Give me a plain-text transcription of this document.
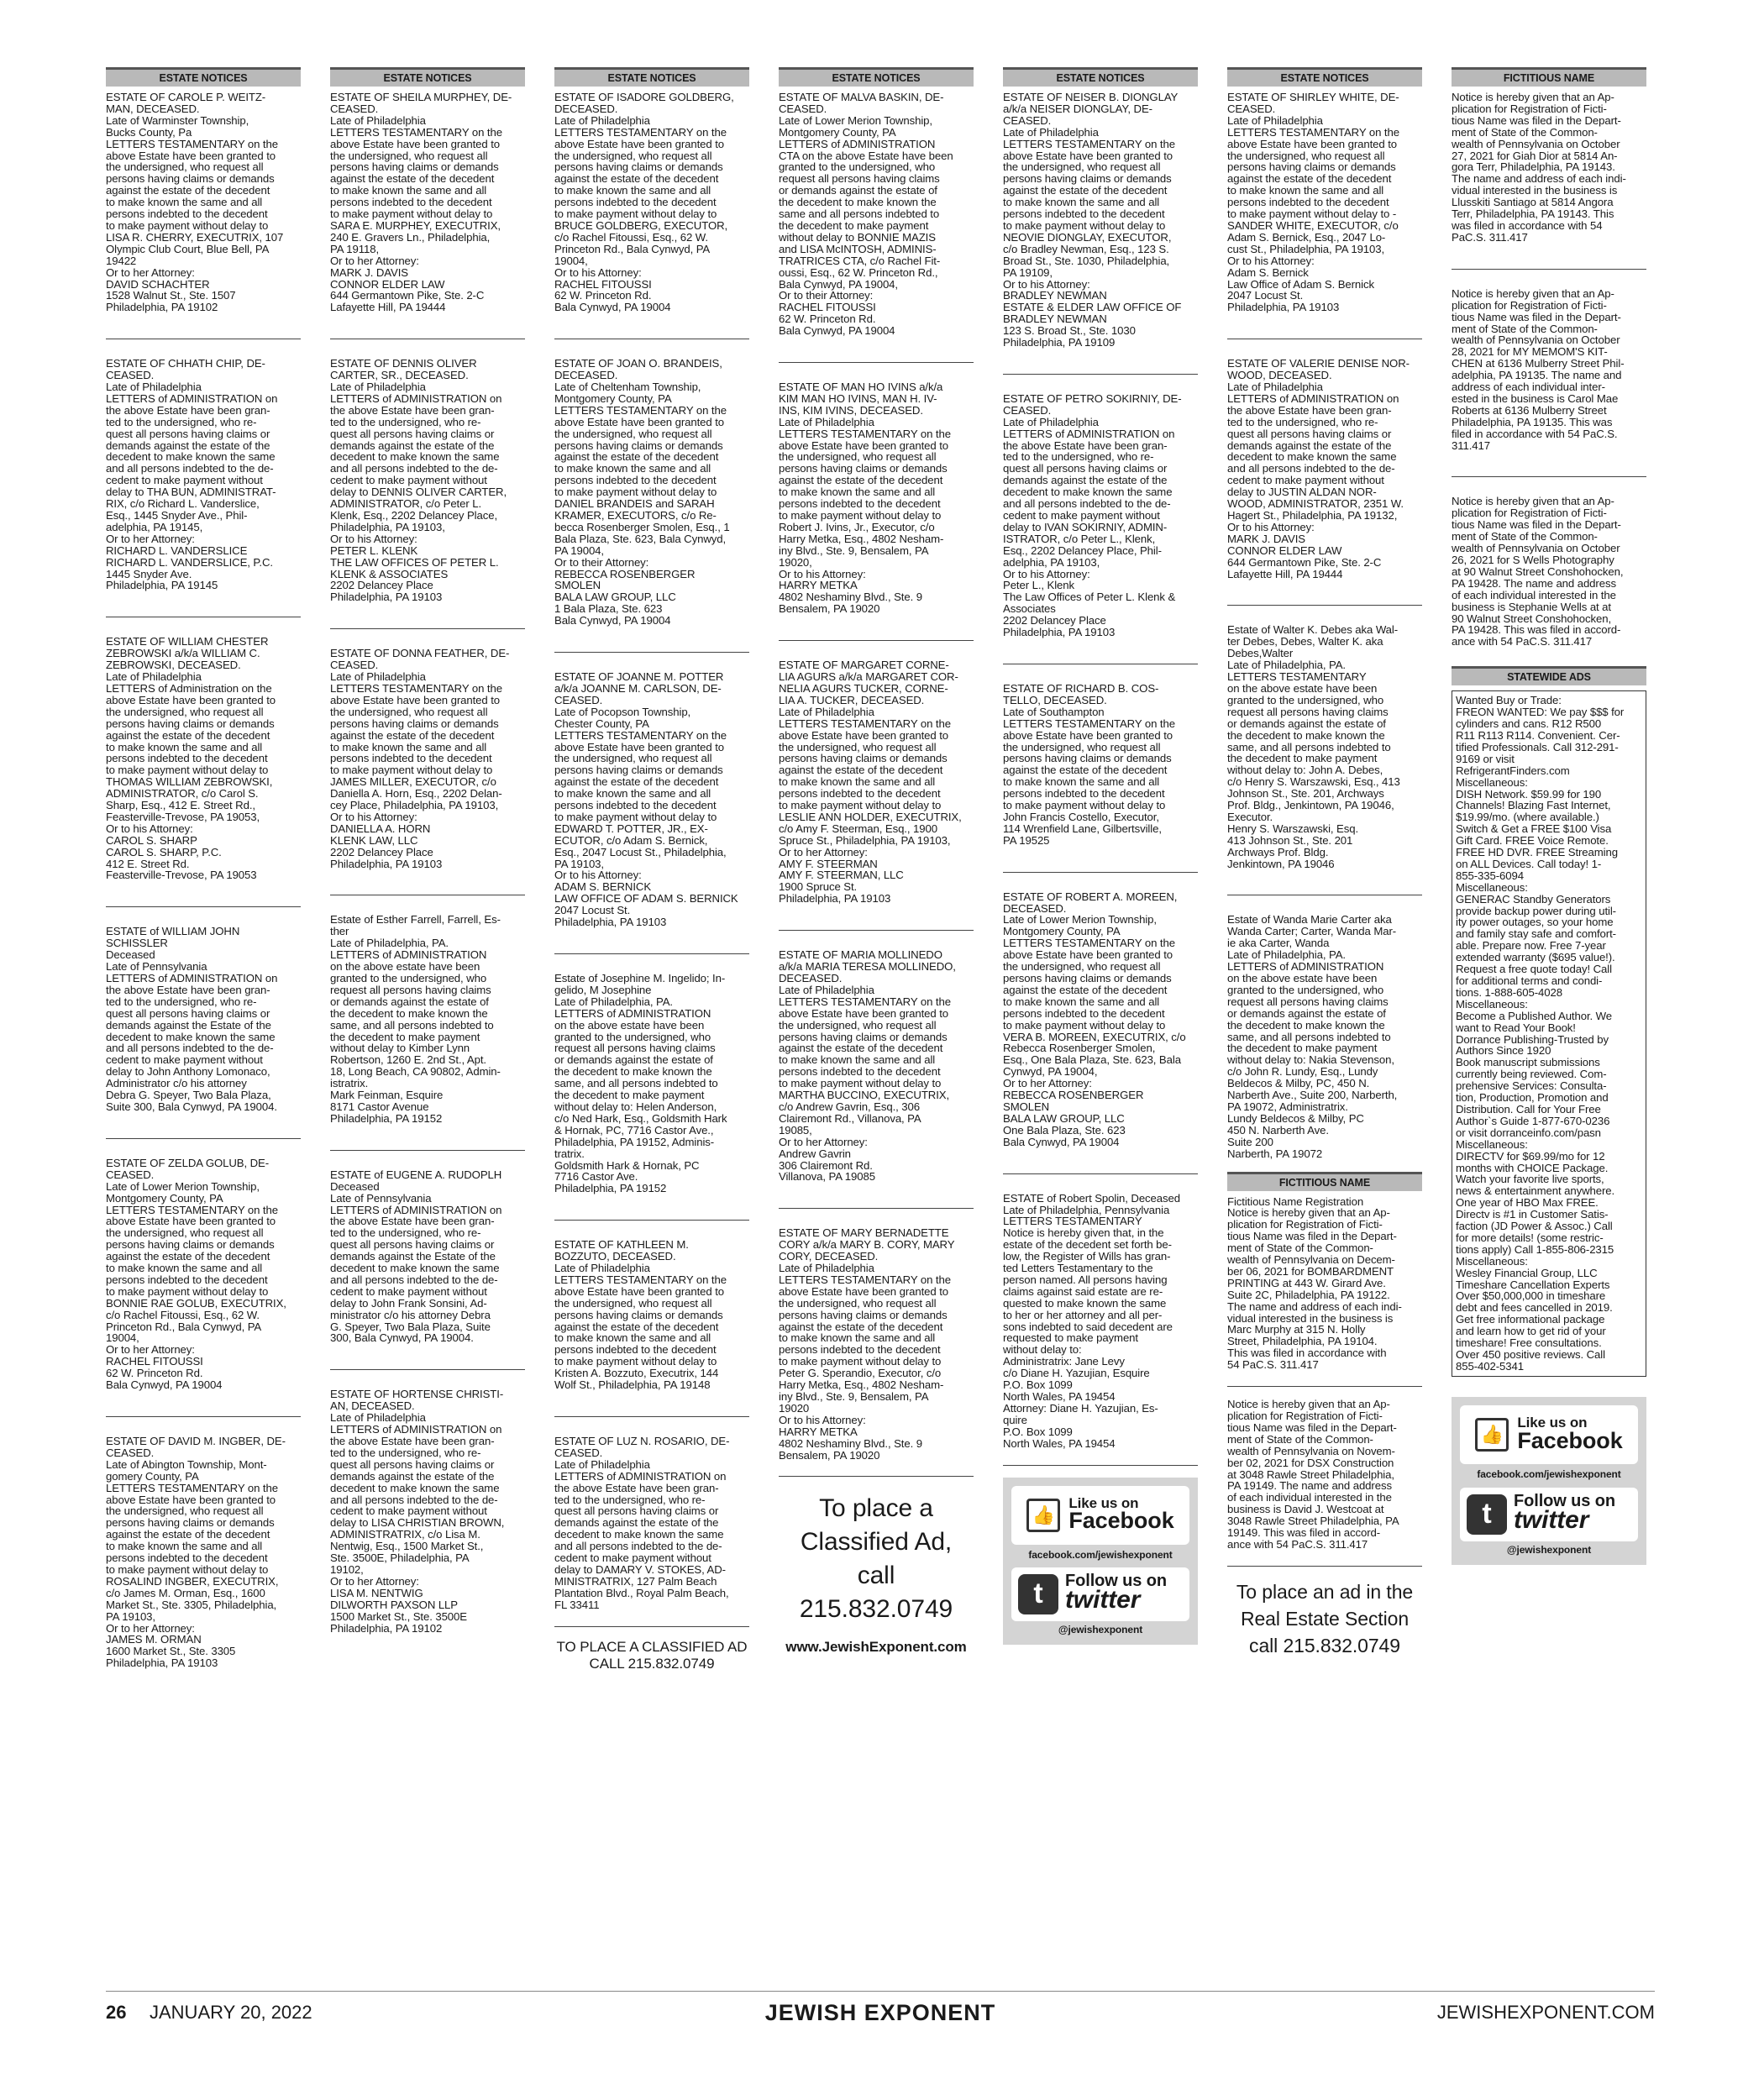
ESTATE NOTICES

ESTATE OF CAROLE P. WEITZ-
MAN, DECEASED.
Late of Warminster Township,
Bucks County, Pa
LETTERS TESTAMENTARY on the
above Estate have been granted to
the undersigned, who request all
persons having claims or demands
against the estate of the decedent
to make known the same and all
persons indebted to the decedent
to make payment without delay to
LISA R. CHERRY, EXECUTRIX, 107
Olympic Club Court, Blue Bell, PA
19422
Or to her Attorney:
DAVID SCHACHTER
1528 Walnut St., Ste. 1507
Philadelphia, PA 19102

ESTATE OF CHHATH CHIP, DE-
CEASED.
Late of Philadelphia
LETTERS of ADMINISTRATION on
the above Estate have been gran-
ted to the undersigned, who re-
quest all persons having claims or
demands against the estate of the
decedent to make known the same
and all persons indebted to the de-
cedent to make payment without
delay to THA BUN, ADMINISTRAT-
RIX, c/o Richard L. Vanderslice,
Esq., 1445 Snyder Ave., Phil-
adelphia, PA 19145,
Or to her Attorney:
RICHARD L. VANDERSLICE
RICHARD L. VANDERSLICE, P.C.
1445 Snyder Ave.
Philadelphia, PA 19145

ESTATE OF WILLIAM CHESTER
ZEBROWSKI a/k/a WILLIAM C.
ZEBROWSKI, DECEASED.
Late of Philadelphia
LETTERS of Administration on the
above Estate have been granted to
the undersigned, who request all
persons having claims or demands
against the estate of the decedent
to make known the same and all
persons indebted to the decedent
to make payment without delay to
THOMAS WILLIAM ZEBROWSKI,
ADMINISTRATOR, c/o Carol S.
Sharp, Esq., 412 E. Street Rd.,
Feasterville-Trevose, PA 19053,
Or to his Attorney:
CAROL S. SHARP
CAROL S. SHARP, P.C.
412 E. Street Rd.
Feasterville-Trevose, PA 19053

ESTATE of WILLIAM JOHN
SCHISSLER
Deceased
Late of Pennsylvania
LETTERS of ADMINISTRATION on
the above Estate have been gran-
ted to the undersigned, who re-
quest all persons having claims or
demands against the Estate of the
decedent to make known the same
and all persons indebted to the de-
cedent to make payment without
delay to John Anthony Lomonaco,
Administrator c/o his attorney
Debra G. Speyer, Two Bala Plaza,
Suite 300, Bala Cynwyd, PA 19004.

ESTATE OF ZELDA GOLUB, DE-
CEASED.
Late of Lower Merion Township,
Montgomery County, PA
LETTERS TESTAMENTARY on the
above Estate have been granted to
the undersigned, who request all
persons having claims or demands
against the estate of the decedent
to make known the same and all
persons indebted to the decedent
to make payment without delay to
BONNIE RAE GOLUB, EXECUTRIX,
c/o Rachel Fitoussi, Esq., 62 W.
Princeton Rd., Bala Cynwyd, PA
19004,
Or to her Attorney:
RACHEL FITOUSSI
62 W. Princeton Rd.
Bala Cynwyd, PA 19004

ESTATE OF DAVID M. INGBER, DE-
CEASED.
Late of Abington Township, Mont-
gomery County, PA
LETTERS TESTAMENTARY on the
above Estate have been granted to
the undersigned, who request all
persons having claims or demands
against the estate of the decedent
to make known the same and all
persons indebted to the decedent
to make payment without delay to
ROSALIND INGBER, EXECUTRIX,
c/o James M. Orman, Esq., 1600
Market St., Ste. 3305, Philadelphia,
PA 19103,
Or to her Attorney:
JAMES M. ORMAN
1600 Market St., Ste. 3305
Philadelphia, PA 19103

ESTATE NOTICES

ESTATE OF SHEILA MURPHEY, DE-
CEASED.
Late of Philadelphia
LETTERS TESTAMENTARY on the
above Estate have been granted to
the undersigned, who request all
persons having claims or demands
against the estate of the decedent
to make known the same and all
persons indebted to the decedent
to make payment without delay to
SARA E. MURPHEY, EXECUTRIX,
240 E. Gravers Ln., Philadelphia,
PA 19118,
Or to her Attorney:
MARK J. DAVIS
CONNOR ELDER LAW
644 Germantown Pike, Ste. 2-C
Lafayette Hill, PA 19444

ESTATE OF DENNIS OLIVER
CARTER, SR., DECEASED.
Late of Philadelphia
LETTERS of ADMINISTRATION on
the above Estate have been gran-
ted to the undersigned, who re-
quest all persons having claims or
demands against the estate of the
decedent to make known the same
and all persons indebted to the de-
cedent to make payment without
delay to DENNIS OLIVER CARTER,
ADMINISTRATOR, c/o Peter L.
Klenk, Esq., 2202 Delancey Place,
Philadelphia, PA 19103,
Or to his Attorney:
PETER L. KLENK
THE LAW OFFICES OF PETER L.
KLENK & ASSOCIATES
2202 Delancey Place
Philadelphia, PA 19103

ESTATE OF DONNA FEATHER, DE-
CEASED.
Late of Philadelphia
LETTERS TESTAMENTARY on the
above Estate have been granted to
the undersigned, who request all
persons having claims or demands
against the estate of the decedent
to make known the same and all
persons indebted to the decedent
to make payment without delay to
JAMES MILLER, EXECUTOR, c/o
Daniella A. Horn, Esq., 2202 Delan-
cey Place, Philadelphia, PA 19103,
Or to his Attorney:
DANIELLA A. HORN
KLENK LAW, LLC
2202 Delancey Place
Philadelphia, PA 19103

Estate of Esther Farrell, Farrell, Es-
ther
Late of Philadelphia, PA.
LETTERS of ADMINISTRATION
on the above estate have been
granted to the undersigned, who
request all persons having claims
or demands against the estate of
the decedent to make known the
same, and all persons indebted to
the decedent to make payment
without delay to Kimber Lynn
Robertson, 1260 E. 2nd St., Apt.
18, Long Beach, CA 90802, Admin-
istratrix.
Mark Feinman, Esquire
8171 Castor Avenue
Philadelphia, PA 19152

ESTATE of EUGENE A. RUDOPLH
Deceased
Late of Pennsylvania
LETTERS of ADMINISTRATION on
the above Estate have been gran-
ted to the undersigned, who re-
quest all persons having claims or
demands against the Estate of the
decedent to make known the same
and all persons indebted to the de-
cedent to make payment without
delay to John Frank Sonsini, Ad-
ministrator c/o his attorney Debra
G. Speyer, Two Bala Plaza, Suite
300, Bala Cynwyd, PA 19004.

ESTATE OF HORTENSE CHRISTI-
AN, DECEASED.
Late of Philadelphia
LETTERS of ADMINISTRATION on
the above Estate have been gran-
ted to the undersigned, who re-
quest all persons having claims or
demands against the estate of the
decedent to make known the same
and all persons indebted to the de-
cedent to make payment without
delay to LISA CHRISTIAN BROWN,
ADMINISTRATRIX, c/o Lisa M.
Nentwig, Esq., 1500 Market St.,
Ste. 3500E, Philadelphia, PA
19102,
Or to her Attorney:
LISA M. NENTWIG
DILWORTH PAXSON LLP
1500 Market St., Ste. 3500E
Philadelphia, PA 19102

ESTATE NOTICES

ESTATE OF ISADORE GOLDBERG,
DECEASED.
Late of Philadelphia
LETTERS TESTAMENTARY on the
above Estate have been granted to
the undersigned, who request all
persons having claims or demands
against the estate of the decedent
to make known the same and all
persons indebted to the decedent
to make payment without delay to
BRUCE GOLDBERG, EXECUTOR,
c/o Rachel Fitoussi, Esq., 62 W.
Princeton Rd., Bala Cynwyd, PA
19004,
Or to his Attorney:
RACHEL FITOUSSI
62 W. Princeton Rd.
Bala Cynwyd, PA 19004

ESTATE OF JOAN O. BRANDEIS,
DECEASED.
Late of Cheltenham Township,
Montgomery County, PA
LETTERS TESTAMENTARY on the
above Estate have been granted to
the undersigned, who request all
persons having claims or demands
against the estate of the decedent
to make known the same and all
persons indebted to the decedent
to make payment without delay to
DANIEL BRANDEIS and SARAH
KRAMER, EXECUTORS, c/o Re-
becca Rosenberger Smolen, Esq., 1
Bala Plaza, Ste. 623, Bala Cynwyd,
PA 19004,
Or to their Attorney:
REBECCA ROSENBERGER
SMOLEN
BALA LAW GROUP, LLC
1 Bala Plaza, Ste. 623
Bala Cynwyd, PA 19004

ESTATE OF JOANNE M. POTTER
a/k/a JOANNE M. CARLSON, DE-
CEASED.
Late of Pocopson Township,
Chester County, PA
LETTERS TESTAMENTARY on the
above Estate have been granted to
the undersigned, who request all
persons having claims or demands
against the estate of the decedent
to make known the same and all
persons indebted to the decedent
to make payment without delay to
EDWARD T. POTTER, JR., EX-
ECUTOR, c/o Adam S. Bernick,
Esq., 2047 Locust St., Philadelphia,
PA 19103,
Or to his Attorney:
ADAM S. BERNICK
LAW OFFICE OF ADAM S. BERNICK
2047 Locust St.
Philadelphia, PA 19103

Estate of Josephine M. Ingelido; In-
gelido, M Josephine
Late of Philadelphia, PA.
LETTERS of ADMINISTRATION
on the above estate have been
granted to the undersigned, who
request all persons having claims
or demands against the estate of
the decedent to make known the
same, and all persons indebted to
the decedent to make payment
without delay to: Helen Anderson,
c/o Ned Hark, Esq., Goldsmith Hark
& Hornak, PC, 7716 Castor Ave.,
Philadelphia, PA 19152, Adminis-
tratrix.
Goldsmith Hark & Hornak, PC
7716 Castor Ave.
Philadelphia, PA 19152

ESTATE OF KATHLEEN M.
BOZZUTO, DECEASED.
Late of Philadelphia
LETTERS TESTAMENTARY on the
above Estate have been granted to
the undersigned, who request all
persons having claims or demands
against the estate of the decedent
to make known the same and all
persons indebted to the decedent
to make payment without delay to
Kristen A. Bozzuto, Executrix, 144
Wolf St., Philadelphia, PA 19148

ESTATE OF LUZ N. ROSARIO, DE-
CEASED.
Late of Philadelphia
LETTERS of ADMINISTRATION on
the above Estate have been gran-
ted to the undersigned, who re-
quest all persons having claims or
demands against the estate of the
decedent to make known the same
and all persons indebted to the de-
cedent to make payment without
delay to DAMARY V. STOKES, AD-
MINISTRATRIX, 127 Palm Beach
Plantation Blvd., Royal Palm Beach,
FL 33411

TO PLACE A CLASSIFIED AD
CALL 215.832.0749

ESTATE NOTICES

ESTATE OF MALVA BASKIN, DE-
CEASED.
Late of Lower Merion Township,
Montgomery County, PA
LETTERS of ADMINISTRATION
CTA on the above Estate have been
granted to the undersigned, who
request all persons having claims
or demands against the estate of
the decedent to make known the
same and all persons indebted to
the decedent to make payment
without delay to BONNIE MAZIS
and LISA McINTOSH, ADMINIS-
TRATRICES CTA, c/o Rachel Fit-
oussi, Esq., 62 W. Princeton Rd.,
Bala Cynwyd, PA 19004,
Or to their Attorney:
RACHEL FITOUSSI
62 W. Princeton Rd.
Bala Cynwyd, PA 19004

ESTATE OF MAN HO IVINS a/k/a
KIM MAN HO IVINS, MAN H. IV-
INS, KIM IVINS, DECEASED.
Late of Philadelphia
LETTERS TESTAMENTARY on the
above Estate have been granted to
the undersigned, who request all
persons having claims or demands
against the estate of the decedent
to make known the same and all
persons indebted to the decedent
to make payment without delay to
Robert J. Ivins, Jr., Executor, c/o
Harry Metka, Esq., 4802 Nesham-
iny Blvd., Ste. 9, Bensalem, PA
19020,
Or to his Attorney:
HARRY METKA
4802 Neshaminy Blvd., Ste. 9
Bensalem, PA 19020

ESTATE OF MARGARET CORNE-
LIA AGURS a/k/a MARGARET COR-
NELIA AGURS TUCKER, CORNE-
LIA A. TUCKER, DECEASED.
Late of Philadelphia
LETTERS TESTAMENTARY on the
above Estate have been granted to
the undersigned, who request all
persons having claims or demands
against the estate of the decedent
to make known the same and all
persons indebted to the decedent
to make payment without delay to
LESLIE ANN HOLDER, EXECUTRIX,
c/o Amy F. Steerman, Esq., 1900
Spruce St., Philadelphia, PA 19103,
Or to her Attorney:
AMY F. STEERMAN
AMY F. STEERMAN, LLC
1900 Spruce St.
Philadelphia, PA 19103

ESTATE OF MARIA MOLLINEDO
a/k/a MARIA TERESA MOLLINEDO,
DECEASED.
Late of Philadelphia
LETTERS TESTAMENTARY on the
above Estate have been granted to
the undersigned, who request all
persons having claims or demands
against the estate of the decedent
to make known the same and all
persons indebted to the decedent
to make payment without delay to
MARTHA BUCCINO, EXECUTRIX,
c/o Andrew Gavrin, Esq., 306
Clairemont Rd., Villanova, PA
19085,
Or to her Attorney:
Andrew Gavrin
306 Clairemont Rd.
Villanova, PA 19085

ESTATE OF MARY BERNADETTE
CORY a/k/a MARY B. CORY, MARY
CORY, DECEASED.
Late of Philadelphia
LETTERS TESTAMENTARY on the
above Estate have been granted to
the undersigned, who request all
persons having claims or demands
against the estate of the decedent
to make known the same and all
persons indebted to the decedent
to make payment without delay to
Peter G. Sperandio, Executor, c/o
Harry Metka, Esq., 4802 Nesham-
iny Blvd., Ste. 9, Bensalem, PA
19020
Or to his Attorney:
HARRY METKA
4802 Neshaminy Blvd., Ste. 9
Bensalem, PA 19020

To place a
Classified Ad,
call 215.832.0749
www.JewishExponent.com
ESTATE NOTICES

ESTATE OF NEISER B. DIONGLAY
a/k/a NEISER DIONGLAY, DE-
CEASED.
Late of Philadelphia
LETTERS TESTAMENTARY on the
above Estate have been granted to
the undersigned, who request all
persons having claims or demands
against the estate of the decedent
to make known the same and all
persons indebted to the decedent
to make payment without delay to
NEOVIE DIONGLAY, EXECUTOR,
c/o Bradley Newman, Esq., 123 S.
Broad St., Ste. 1030, Philadelphia,
PA 19109,
Or to his Attorney:
BRADLEY NEWMAN
ESTATE & ELDER LAW OFFICE OF
BRADLEY NEWMAN
123 S. Broad St., Ste. 1030
Philadelphia, PA 19109

ESTATE OF PETRO SOKIRNIY, DE-
CEASED.
Late of Philadelphia
LETTERS of ADMINISTRATION on
the above Estate have been gran-
ted to the undersigned, who re-
quest all persons having claims or
demands against the estate of the
decedent to make known the same
and all persons indebted to the de-
cedent to make payment without
delay to IVAN SOKIRNIY, ADMIN-
ISTRATOR, c/o Peter L., Klenk,
Esq., 2202 Delancey Place, Phil-
adelphia, PA 19103,
Or to his Attorney:
Peter L., Klenk
The Law Offices of Peter L. Klenk &
Associates
2202 Delancey Place
Philadelphia, PA 19103

ESTATE OF RICHARD B. COS-
TELLO, DECEASED.
Late of Southampton
LETTERS TESTAMENTARY on the
above Estate have been granted to
the undersigned, who request all
persons having claims or demands
against the estate of the decedent
to make known the same and all
persons indebted to the decedent
to make payment without delay to
John Francis Costello, Executor,
114 Wrenfield Lane, Gilbertsville,
PA 19525

ESTATE OF ROBERT A. MOREEN,
DECEASED.
Late of Lower Merion Township,
Montgomery County, PA
LETTERS TESTAMENTARY on the
above Estate have been granted to
the undersigned, who request all
persons having claims or demands
against the estate of the decedent
to make known the same and all
persons indebted to the decedent
to make payment without delay to
VERA B. MOREEN, EXECUTRIX, c/o
Rebecca Rosenberger Smolen,
Esq., One Bala Plaza, Ste. 623, Bala
Cynwyd, PA 19004,
Or to her Attorney:
REBECCA ROSENBERGER
SMOLEN
BALA LAW GROUP, LLC
One Bala Plaza, Ste. 623
Bala Cynwyd, PA 19004

ESTATE of Robert Spolin, Deceased
Late of Philadelphia, Pennsylvania
LETTERS TESTAMENTARY
Notice is hereby given that, in the
estate of the decedent set forth be-
low, the Register of Wills has gran-
ted Letters Testamentary to the
person named. All persons having
claims against said estate are re-
quested to make known the same
to her or her attorney and all per-
sons indebted to said decedent are
requested to make payment
without delay to:
Administratrix: Jane Levy
c/o Diane H. Yazujian, Esquire
P.O. Box 1099
North Wales, PA 19454
Attorney: Diane H. Yazujian, Es-
quire
P.O. Box 1099
North Wales, PA 19454

👍
Like us on
Facebook
facebook.com/jewishexponent
t	Follow us on
twitter
@jewishexponent
ESTATE NOTICES

ESTATE OF SHIRLEY WHITE, DE-
CEASED.
Late of Philadelphia
LETTERS TESTAMENTARY on the
above Estate have been granted to
the undersigned, who request all
persons having claims or demands
against the estate of the decedent
to make known the same and all
persons indebted to the decedent
to make payment without delay to -
SANDER WHITE, EXECUTOR, c/o
Adam S. Bernick, Esq., 2047 Lo-
cust St., Philadelphia, PA 19103,
Or to his Attorney:
Adam S. Bernick
Law Office of Adam S. Bernick
2047 Locust St.
Philadelphia, PA 19103

ESTATE OF VALERIE DENISE NOR-
WOOD, DECEASED.
Late of Philadelphia
LETTERS of ADMINISTRATION on
the above Estate have been gran-
ted to the undersigned, who re-
quest all persons having claims or
demands against the estate of the
decedent to make known the same
and all persons indebted to the de-
cedent to make payment without
delay to JUSTIN ALDAN NOR-
WOOD, ADMINISTRATOR, 2351 W.
Hagert St., Philadelphia, PA 19132,
Or to his Attorney:
MARK J. DAVIS
CONNOR ELDER LAW
644 Germantown Pike, Ste. 2-C
Lafayette Hill, PA 19444

Estate of Walter K. Debes aka Wal-
ter Debes, Debes, Walter K. aka
Debes,Walter
Late of Philadelphia, PA.
LETTERS TESTAMENTARY
on the above estate have been
granted to the undersigned, who
request all persons having claims
or demands against the estate of
the decedent to make known the
same, and all persons indebted to
the decedent to make payment
without delay to: John A. Debes,
c/o Henry S. Warszawski, Esq., 413
Johnson St., Ste. 201, Archways
Prof. Bldg., Jenkintown, PA 19046,
Executor.
Henry S. Warszawski, Esq.
413 Johnson St., Ste. 201
Archways Prof. Bldg.
Jenkintown, PA 19046

Estate of Wanda Marie Carter aka
Wanda Carter; Carter, Wanda Mar-
ie aka Carter, Wanda
Late of Philadelphia, PA.
LETTERS of ADMINISTRATION
on the above estate have been
granted to the undersigned, who
request all persons having claims
or demands against the estate of
the decedent to make known the
same, and all persons indebted to
the decedent to make payment
without delay to: Nakia Stevenson,
c/o John R. Lundy, Esq., Lundy
Beldecos & Milby, PC, 450 N.
Narberth Ave., Suite 200, Narberth,
PA 19072, Administratrix.
Lundy Beldecos & Milby, PC
450 N. Narberth Ave.
Suite 200
Narberth, PA 19072

FICTITIOUS NAME

Fictitious Name Registration
Notice is hereby given that an Ap-
plication for Registration of Ficti-
tious Name was filed in the Depart-
ment of State of the Common-
wealth of Pennsylvania on Decem-
ber 06, 2021 for BOMBARDMENT
PRINTING at 443 W. Girard Ave.
Suite 2C, Philadelphia, PA 19122.
The name and address of each indi-
vidual interested in the business is
Marc Murphy at 315 N. Holly
Street, Philadelphia, PA 19104.
This was filed in accordance with
54 PaC.S. 311.417

Notice is hereby given that an Ap-
plication for Registration of Ficti-
tious Name was filed in the Depart-
ment of State of the Common-
wealth of Pennsylvania on Novem-
ber 02, 2021 for DSX Construction
at 3048 Rawle Street Philadelphia,
PA 19149. The name and address
of each individual interested in the
business is David J. Westcoat at
3048 Rawle Street Philadelphia, PA
19149. This was filed in accord-
ance with 54 PaC.S. 311.417

To place an ad in the
Real Estate Section
call 215.832.0749
FICTITIOUS NAME

Notice is hereby given that an Ap-
plication for Registration of Ficti-
tious Name was filed in the Depart-
ment of State of the Common-
wealth of Pennsylvania on October
27, 2021 for Giah Dior at 5814 An-
gora Terr, Philadelphia, PA 19143.
The name and address of each indi-
vidual interested in the business is
Llusskiti Santiago at 5814 Angora
Terr, Philadelphia, PA 19143. This
was filed in accordance with 54
PaC.S. 311.417

Notice is hereby given that an Ap-
plication for Registration of Ficti-
tious Name was filed in the Depart-
ment of State of the Common-
wealth of Pennsylvania on October
28, 2021 for MY MEMOM'S KIT-
CHEN at 6136 Mulberry Street Phil-
adelphia, PA 19135. The name and
address of each individual inter-
ested in the business is Carol Mae
Roberts at 6136 Mulberry Street
Philadelphia, PA 19135. This was
filed in accordance with 54 PaC.S.
311.417

Notice is hereby given that an Ap-
plication for Registration of Ficti-
tious Name was filed in the Depart-
ment of State of the Common-
wealth of Pennsylvania on October
26, 2021 for S Wells Photography
at 90 Walnut Street Conshohocken,
PA 19428. The name and address
of each individual interested in the
business is Stephanie Wells at at
90 Walnut Street Conshohocken,
PA 19428. This was filed in accord-
ance with 54 PaC.S. 311.417

STATEWIDE ADS

Wanted Buy or Trade:
FREON WANTED: We pay $$$ for
cylinders and cans. R12 R500
R11 R113 R114. Convenient. Cer-
tified Professionals. Call 312-291-
9169 or visit
RefrigerantFinders.com
Miscellaneous:
DISH Network. $59.99 for 190
Channels! Blazing Fast Internet,
$19.99/mo. (where available.)
Switch & Get a FREE $100 Visa
Gift Card. FREE Voice Remote.
FREE HD DVR. FREE Streaming
on ALL Devices. Call today! 1-
855-335-6094
Miscellaneous:
GENERAC Standby Generators
provide backup power during util-
ity power outages, so your home
and family stay safe and comfort-
able. Prepare now. Free 7-year
extended warranty ($695 value!).
Request a free quote today! Call
for additional terms and condi-
tions. 1-888-605-4028
Miscellaneous:
Become a Published Author. We
want to Read Your Book!
Dorrance Publishing-Trusted by
Authors Since 1920
Book manuscript submissions
currently being reviewed. Com-
prehensive Services: Consulta-
tion, Production, Promotion and
Distribution. Call for Your Free
Author`s Guide 1-877-670-0236
or visit dorranceinfo.com/pasn
Miscellaneous:
DIRECTV for $69.99/mo for 12
months with CHOICE Package.
Watch your favorite live sports,
news & entertainment anywhere.
One year of HBO Max FREE.
Directv is #1 in Customer Satis-
faction (JD Power & Assoc.) Call
for more details! (some restric-
tions apply) Call 1-855-806-2315
Miscellaneous:
Wesley Financial Group, LLC
Timeshare Cancellation Experts
Over $50,000,000 in timeshare
debt and fees cancelled in 2019.
Get free informational package
and learn how to get rid of your
timeshare! Free consultations.
Over 450 positive reviews. Call
855-402-5341

👍
Like us on
Facebook
facebook.com/jewishexponent
t	Follow us on
twitter
@jewishexponent
26 JANUARY 20, 2022	JEWISH EXPONENT	JEWISHEXPONENT.COM
